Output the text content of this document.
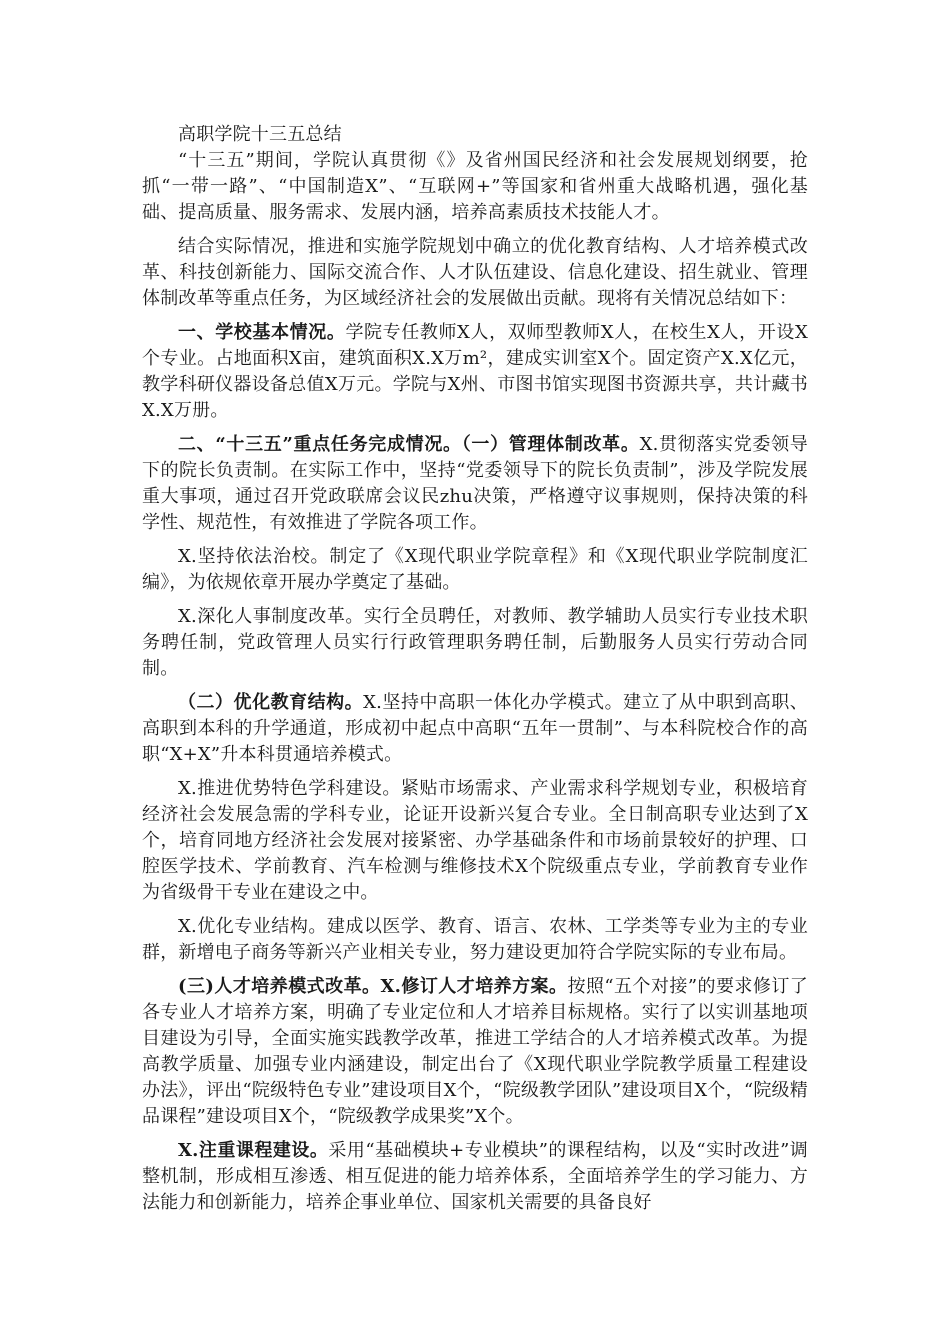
高职学院十三五总结

“十三五”期间，学院认真贯彻《》及省州国民经济和社会发展规划纲要，抢抓“一带一路”、“中国制造X”、“互联网+”等国家和省州重大战略机遇，强化基础、提高质量、服务需求、发展内涵，培养高素质技术技能人才。

结合实际情况，推进和实施学院规划中确立的优化教育结构、人才培养模式改革、科技创新能力、国际交流合作、人才队伍建设、信息化建设、招生就业、管理体制改革等重点任务，为区域经济社会的发展做出贡献。现将有关情况总结如下：

一、学校基本情况。学院专任教师X人，双师型教师X人，在校生X人，开设X个专业。占地面积X亩，建筑面积X.X万m²，建成实训室X个。固定资产X.X亿元，教学科研仪器设备总值X万元。学院与X州、市图书馆实现图书资源共享，共计藏书X.X万册。

二、“十三五”重点任务完成情况。（一）管理体制改革。X.贯彻落实党委领导下的院长负责制。在实际工作中，坚持“党委领导下的院长负责制”，涉及学院发展重大事项，通过召开党政联席会议民zhu决策，严格遵守议事规则，保持决策的科学性、规范性，有效推进了学院各项工作。

X.坚持依法治校。制定了《X现代职业学院章程》和《X现代职业学院制度汇编》，为依规依章开展办学奠定了基础。

X.深化人事制度改革。实行全员聘任，对教师、教学辅助人员实行专业技术职务聘任制，党政管理人员实行行政管理职务聘任制，后勤服务人员实行劳动合同制。

（二）优化教育结构。X.坚持中高职一体化办学模式。建立了从中职到高职、高职到本科的升学通道，形成初中起点中高职“五年一贯制”、与本科院校合作的高职“X+X”升本科贯通培养模式。

X.推进优势特色学科建设。紧贴市场需求、产业需求科学规划专业，积极培育经济社会发展急需的学科专业，论证开设新兴复合专业。全日制高职专业达到了X个，培育同地方经济社会发展对接紧密、办学基础条件和市场前景较好的护理、口腔医学技术、学前教育、汽车检测与维修技术X个院级重点专业，学前教育专业作为省级骨干专业在建设之中。

X.优化专业结构。建成以医学、教育、语言、农林、工学类等专业为主的专业群，新增电子商务等新兴产业相关专业，努力建设更加符合学院实际的专业布局。

(三)人才培养模式改革。X.修订人才培养方案。按照“五个对接”的要求修订了各专业人才培养方案，明确了专业定位和人才培养目标规格。实行了以实训基地项目建设为引导，全面实施实践教学改革，推进工学结合的人才培养模式改革。为提高教学质量、加强专业内涵建设，制定出台了《X现代职业学院教学质量工程建设办法》，评出“院级特色专业”建设项目X个，“院级教学团队”建设项目X个，“院级精品课程”建设项目X个，“院级教学成果奖”X个。

X.注重课程建设。采用“基础模块+专业模块”的课程结构，以及“实时改进”调整机制，形成相互渗透、相互促进的能力培养体系，全面培养学生的学习能力、方法能力和创新能力，培养企事业单位、国家机关需要的具备良好
